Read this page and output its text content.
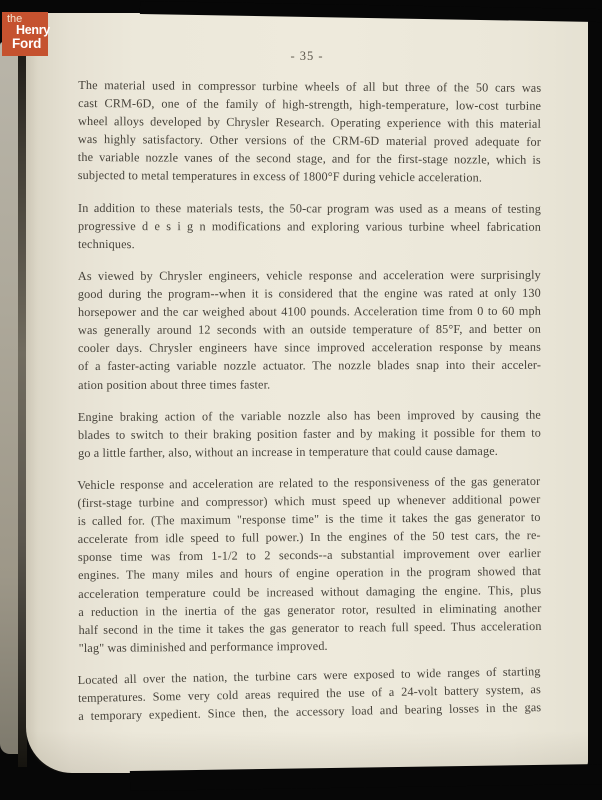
- 35 -

The material used in compressor turbine wheels of all but three of the 50 cars was
cast CRM-6D, one of the family of high-strength, high-temperature, low-cost turbine
wheel alloys developed by Chrysler Research. Operating experience with this material
was highly satisfactory. Other versions of the CRM-6D material proved adequate for
the variable nozzle vanes of the second stage, and for the first-stage nozzle, which is
subjected to metal temperatures in excess of 1800°F during vehicle acceleration.

In addition to these materials tests, the 50-car program was used as a means of testing
progressive d e s i g n modifications and exploring various turbine wheel fabrication
techniques.

As viewed by Chrysler engineers, vehicle response and acceleration were surprisingly
good during the program--when it is considered that the engine was rated at only 130
horsepower and the car weighed about 4100 pounds. Acceleration time from 0 to 60 mph
was generally around 12 seconds with an outside temperature of 85°F, and better on
cooler days. Chrysler engineers have since improved acceleration response by means
of a faster-acting variable nozzle actuator. The nozzle blades snap into their acceler-
ation position about three times faster.

Engine braking action of the variable nozzle also has been improved by causing the
blades to switch to their braking position faster and by making it possible for them to
go a little farther, also, without an increase in temperature that could cause damage.

Vehicle response and acceleration are related to the responsiveness of the gas generator
(first-stage turbine and compressor) which must speed up whenever additional power
is called for. (The maximum "response time" is the time it takes the gas generator to
accelerate from idle speed to full power.) In the engines of the 50 test cars, the re-
sponse time was from 1-1/2 to 2 seconds--a substantial improvement over earlier
engines. The many miles and hours of engine operation in the program showed that
acceleration temperature could be increased without damaging the engine. This, plus
a reduction in the inertia of the gas generator rotor, resulted in eliminating another
half second in the time it takes the gas generator to reach full speed. Thus acceleration
"lag" was diminished and performance improved.

Located all over the nation, the turbine cars were exposed to wide ranges of starting
temperatures. Some very cold areas required the use of a 24-volt battery system, as
a temporary expedient. Since then, the accessory load and bearing losses in the gas

the
Henry
Ford
